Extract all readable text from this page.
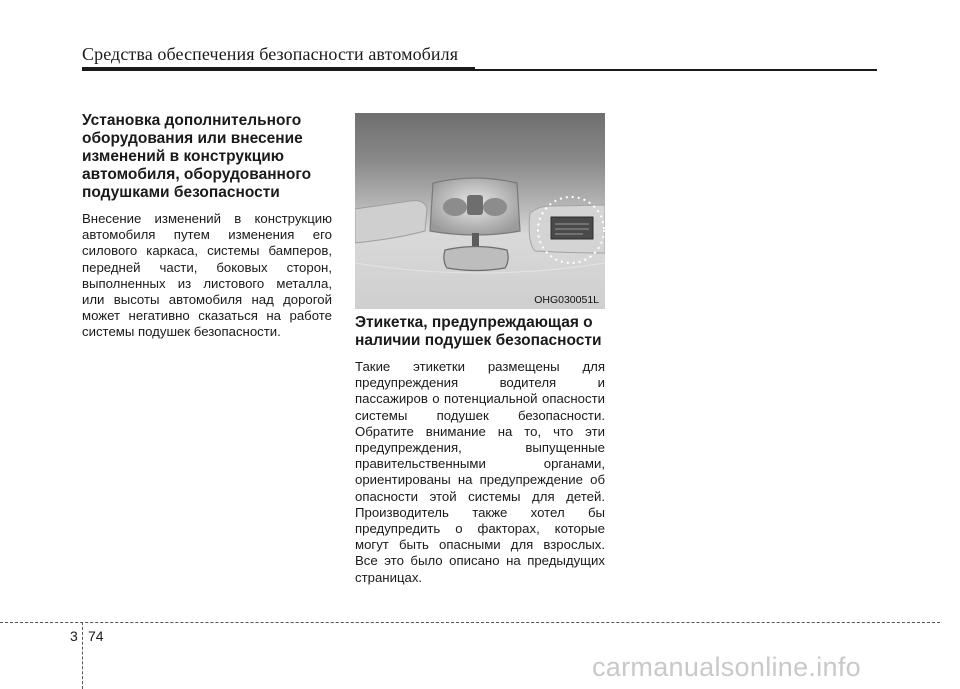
Средства обеспечения безопасности автомобиля
Установка дополнительного
оборудования или внесение
изменений в конструкцию
автомобиля, оборудованного
подушками безопасности

Внесение изменений в конструкцию автомобиля путем изменения его силового каркаса, системы бамперов, передней части, боковых сторон, выполненных из листового металла, или высоты автомобиля над дорогой может негативно сказаться на работе системы подушек безопасности.

OHG030051L
Этикетка, предупреждающая о
наличии подушек безопасности

Такие этикетки размещены для предупреждения водителя и пассажиров о потенциальной опасности системы подушек безопасности. Обратите внимание на то, что эти предупреждения, выпущенные правительственными органами, ориентированы на предупреждение об опасности этой системы для детей. Производитель также хотел бы предупредить о факторах, которые могут быть опасными для взрослых. Все это было описано на предыдущих страницах.

3 74
carmanualsonline.info
